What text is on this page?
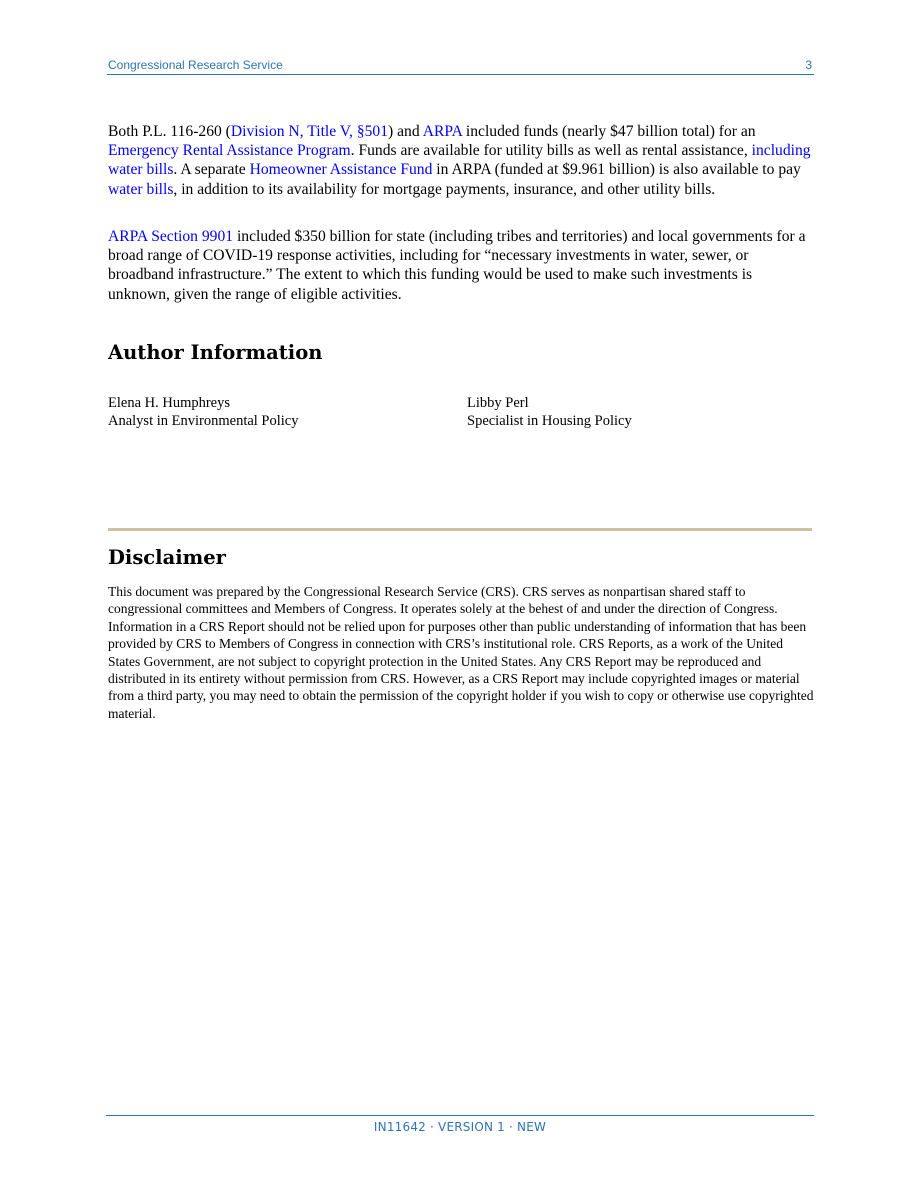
Congressional Research Service	3

Both P.L. 116-260 (Division N, Title V, §501) and ARPA included funds (nearly $47 billion total) for an Emergency Rental Assistance Program. Funds are available for utility bills as well as rental assistance, including water bills. A separate Homeowner Assistance Fund in ARPA (funded at $9.961 billion) is also available to pay water bills, in addition to its availability for mortgage payments, insurance, and other utility bills.

ARPA Section 9901 included $350 billion for state (including tribes and territories) and local governments for a broad range of COVID-19 response activities, including for “necessary investments in water, sewer, or broadband infrastructure.” The extent to which this funding would be used to make such investments is unknown, given the range of eligible activities.

Author Information
Elena H. Humphreys
Analyst in Environmental Policy
Libby Perl
Specialist in Housing Policy
Disclaimer

This document was prepared by the Congressional Research Service (CRS). CRS serves as nonpartisan shared staff to congressional committees and Members of Congress. It operates solely at the behest of and under the direction of Congress. Information in a CRS Report should not be relied upon for purposes other than public understanding of information that has been provided by CRS to Members of Congress in connection with CRS’s institutional role. CRS Reports, as a work of the United States Government, are not subject to copyright protection in the United States. Any CRS Report may be reproduced and distributed in its entirety without permission from CRS. However, as a CRS Report may include copyrighted images or material from a third party, you may need to obtain the permission of the copyright holder if you wish to copy or otherwise use copyrighted material.

IN11642 · VERSION 1 · NEW
